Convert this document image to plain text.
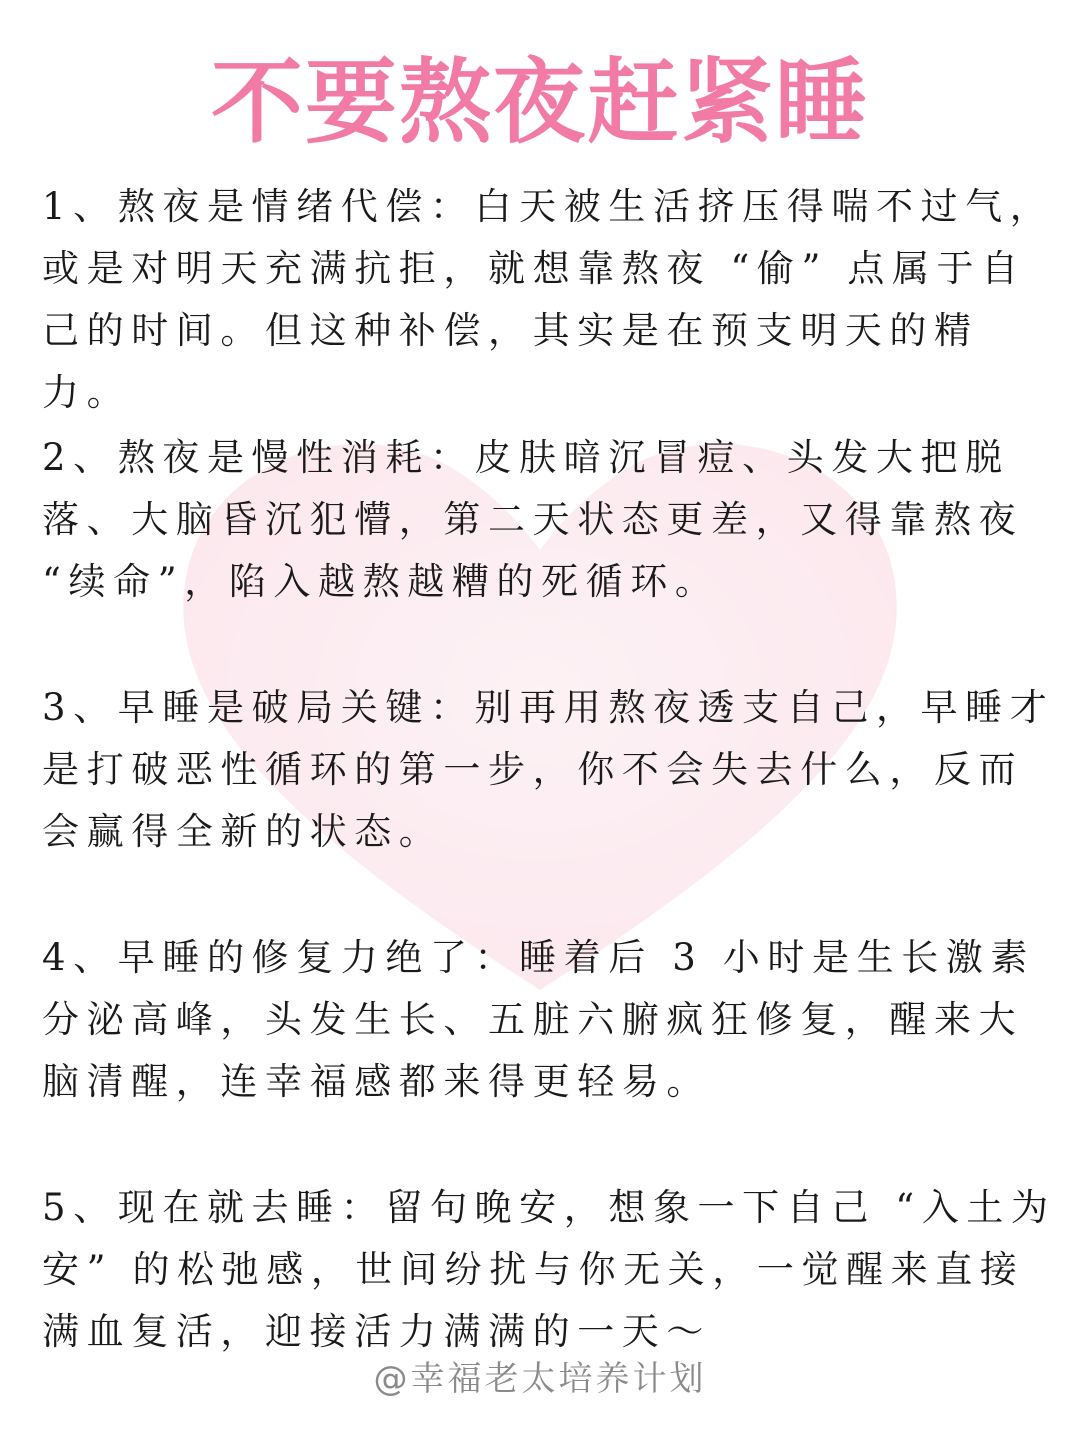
不要熬夜赶紧睡
1、熬夜是情绪代偿：白天被生活挤压得喘不过气，或是对明天充满抗拒，就想靠熬夜 “偷” 点属于自己的时间。但这种补偿，其实是在预支明天的精力。
2、熬夜是慢性消耗：皮肤暗沉冒痘、头发大把脱落、大脑昏沉犯懵，第二天状态更差，又得靠熬夜 “续命”，陷入越熬越糟的死循环。
3、早睡是破局关键：别再用熬夜透支自己，早睡才是打破恶性循环的第一步，你不会失去什么，反而会赢得全新的状态。
4、早睡的修复力绝了：睡着后 3 小时是生长激素分泌高峰，头发生长、五脏六腑疯狂修复，醒来大脑清醒，连幸福感都来得更轻易。
5、现在就去睡：留句晚安，想象一下自己 “入土为安” 的松弛感，世间纷扰与你无关，一觉醒来直接满血复活，迎接活力满满的一天～
@幸福老太培养计划
